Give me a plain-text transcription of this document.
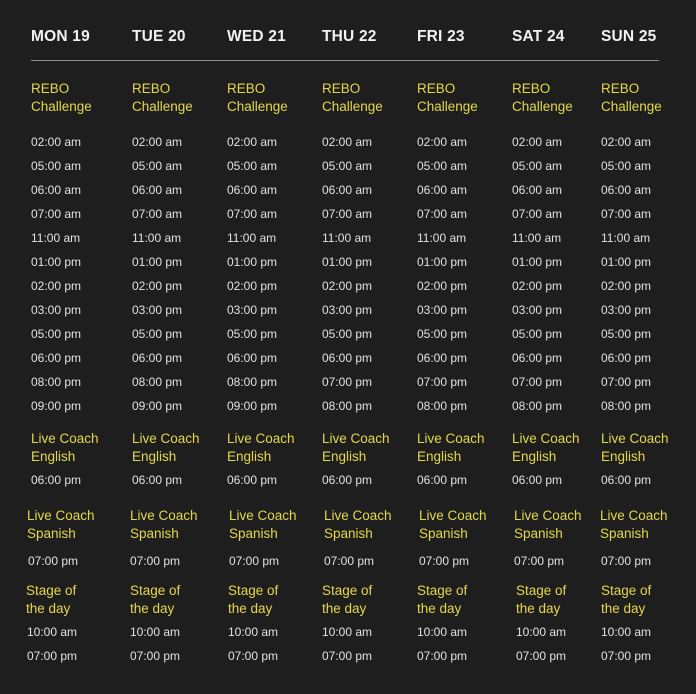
MON 19
REBO
Challenge
02:00 am
05:00 am
06:00 am
07:00 am
11:00 am
01:00 pm
02:00 pm
03:00 pm
05:00 pm
06:00 pm
08:00 pm
09:00 pm
Live Coach
English
06:00 pm
Live Coach
Spanish
07:00 pm
Stage of
the day
10:00 am
07:00 pm
TUE 20
REBO
Challenge
02:00 am
05:00 am
06:00 am
07:00 am
11:00 am
01:00 pm
02:00 pm
03:00 pm
05:00 pm
06:00 pm
08:00 pm
09:00 pm
Live Coach
English
06:00 pm
Live Coach
Spanish
07:00 pm
Stage of
the day
10:00 am
07:00 pm
WED 21
REBO
Challenge
02:00 am
05:00 am
06:00 am
07:00 am
11:00 am
01:00 pm
02:00 pm
03:00 pm
05:00 pm
06:00 pm
08:00 pm
09:00 pm
Live Coach
English
06:00 pm
Live Coach
Spanish
07:00 pm
Stage of
the day
10:00 am
07:00 pm
THU 22
REBO
Challenge
02:00 am
05:00 am
06:00 am
07:00 am
11:00 am
01:00 pm
02:00 pm
03:00 pm
05:00 pm
06:00 pm
07:00 pm
08:00 pm
Live Coach
English
06:00 pm
Live Coach
Spanish
07:00 pm
Stage of
the day
10:00 am
07:00 pm
FRI 23
REBO
Challenge
02:00 am
05:00 am
06:00 am
07:00 am
11:00 am
01:00 pm
02:00 pm
03:00 pm
05:00 pm
06:00 pm
07:00 pm
08:00 pm
Live Coach
English
06:00 pm
Live Coach
Spanish
07:00 pm
Stage of
the day
10:00 am
07:00 pm
SAT 24
REBO
Challenge
02:00 am
05:00 am
06:00 am
07:00 am
11:00 am
01:00 pm
02:00 pm
03:00 pm
05:00 pm
06:00 pm
07:00 pm
08:00 pm
Live Coach
English
06:00 pm
Live Coach
Spanish
07:00 pm
Stage of
the day
10:00 am
07:00 pm
SUN 25
REBO
Challenge
02:00 am
05:00 am
06:00 am
07:00 am
11:00 am
01:00 pm
02:00 pm
03:00 pm
05:00 pm
06:00 pm
07:00 pm
08:00 pm
Live Coach
English
06:00 pm
Live Coach
Spanish
07:00 pm
Stage of
the day
10:00 am
07:00 pm
